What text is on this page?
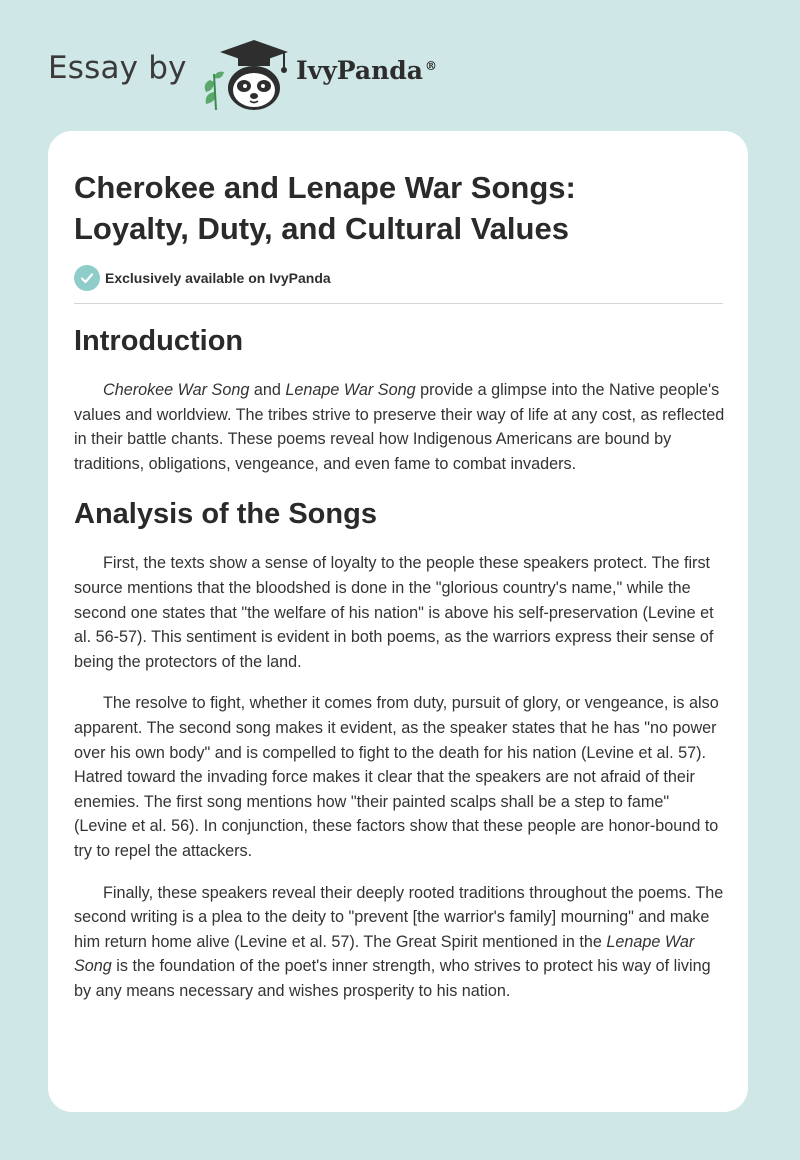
Essay by	IvyPanda ®
Cherokee and Lenape War Songs:
Loyalty, Duty, and Cultural Values
Exclusively available on IvyPanda
Introduction

Cherokee War Song and Lenape War Song provide a glimpse into the Native people's values and worldview. The tribes strive to preserve their way of life at any cost, as reflected in their battle chants. These poems reveal how Indigenous Americans are bound by traditions, obligations, vengeance, and even fame to combat invaders.

Analysis of the Songs

First, the texts show a sense of loyalty to the people these speakers protect. The first source mentions that the bloodshed is done in the "glorious country's name," while the second one states that "the welfare of his nation" is above his self-preservation (Levine et al. 56-57). This sentiment is evident in both poems, as the warriors express their sense of being the protectors of the land.

The resolve to fight, whether it comes from duty, pursuit of glory, or vengeance, is also apparent. The second song makes it evident, as the speaker states that he has "no power over his own body" and is compelled to fight to the death for his nation (Levine et al. 57). Hatred toward the invading force makes it clear that the speakers are not afraid of their enemies. The first song mentions how "their painted scalps shall be a step to fame" (Levine et al. 56). In conjunction, these factors show that these people are honor-bound to try to repel the attackers.

Finally, these speakers reveal their deeply rooted traditions throughout the poems. The second writing is a plea to the deity to "prevent [the warrior's family] mourning" and make him return home alive (Levine et al. 57). The Great Spirit mentioned in the Lenape War Song is the foundation of the poet's inner strength, who strives to protect his way of living by any means necessary and wishes prosperity to his nation.
